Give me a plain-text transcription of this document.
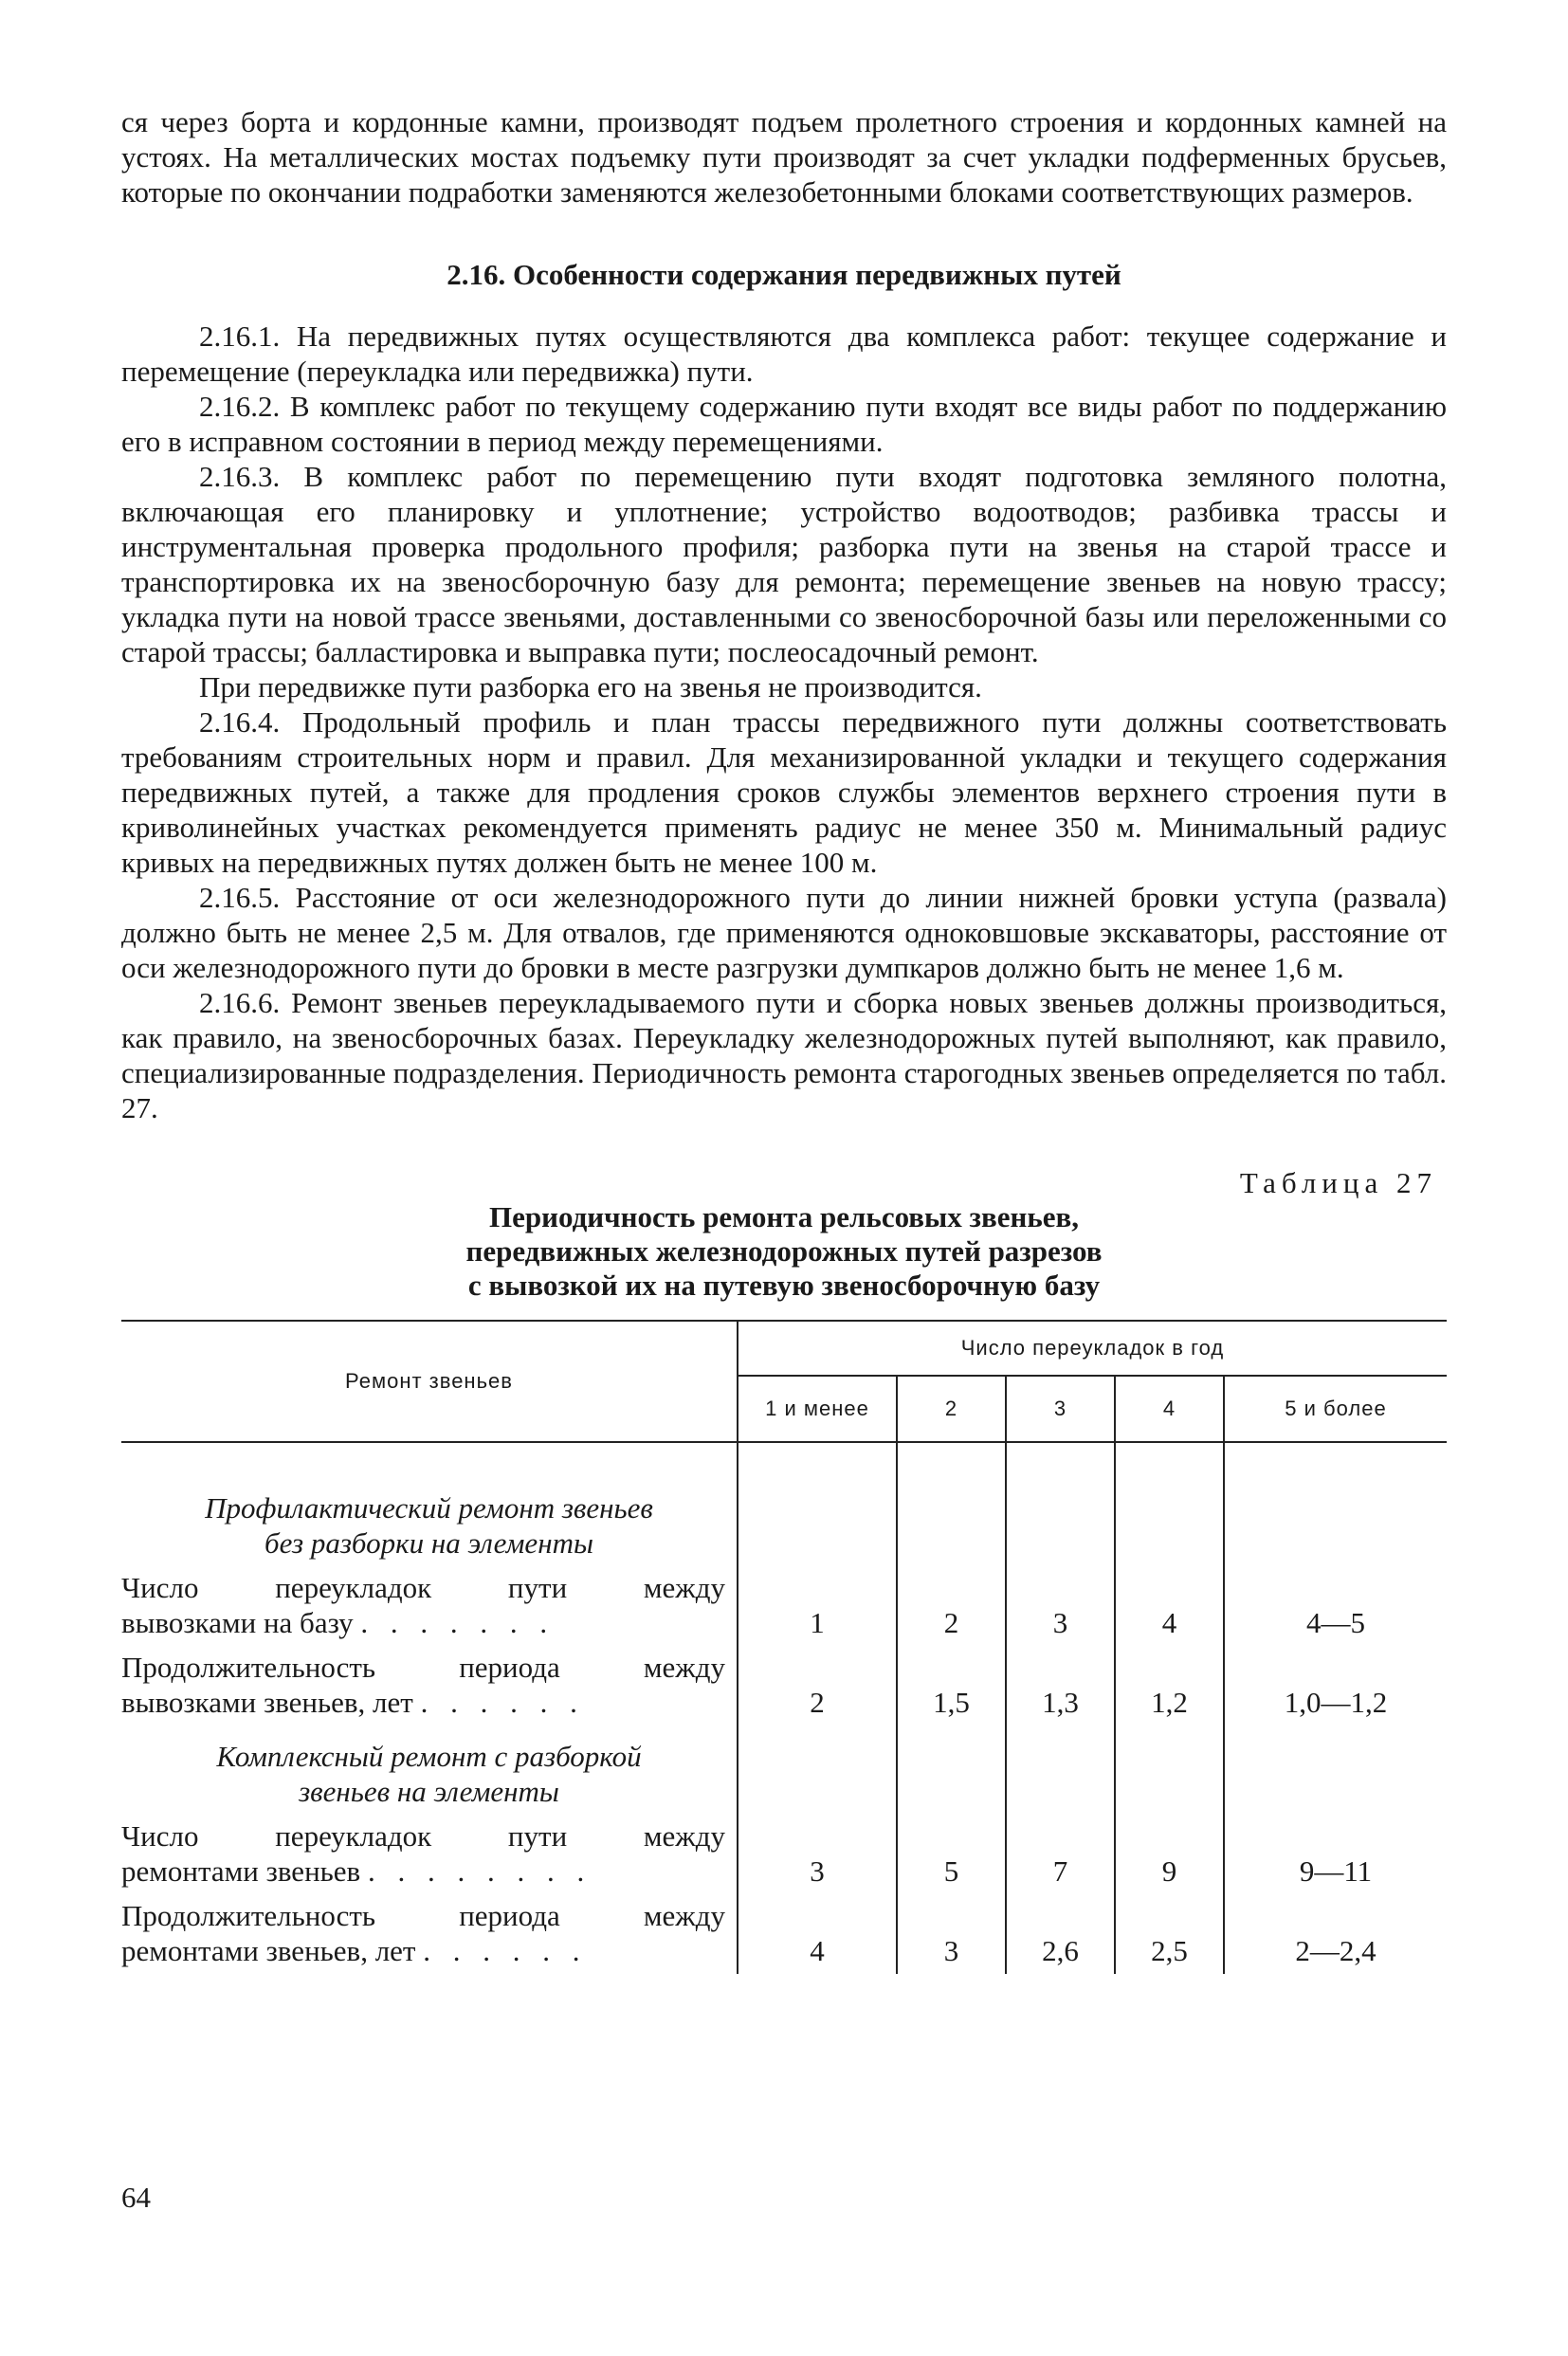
ся через борта и кордонные камни, производят подъем пролетного строения и кордонных камней на устоях. На металлических мостах подъемку пути производят за счет укладки подферменных брусьев, которые по окончании подработки заменяются железобетонными блоками соответствующих размеров.

2.16. Особенности содержания передвижных путей

2.16.1. На передвижных путях осуществляются два комплекса работ: текущее содержание и перемещение (переукладка или передвижка) пути.

2.16.2. В комплекс работ по текущему содержанию пути входят все виды работ по поддержанию его в исправном состоянии в период между перемещениями.

2.16.3. В комплекс работ по перемещению пути входят подготовка земляного полотна, включающая его планировку и уплотнение; устройство водоотводов; разбивка трассы и инструментальная проверка продольного профиля; разборка пути на звенья на старой трассе и транспортировка их на звеносборочную базу для ремонта; перемещение звеньев на новую трассу; укладка пути на новой трассе звеньями, доставленными со звеносборочной базы или переложенными со старой трассы; балластировка и выправка пути; послеосадочный ремонт.

При передвижке пути разборка его на звенья не производится.

2.16.4. Продольный профиль и план трассы передвижного пути должны соответствовать требованиям строительных норм и правил. Для механизированной укладки и текущего содержания передвижных путей, а также для продления сроков службы элементов верхнего строения пути в криволинейных участках рекомендуется применять радиус не менее 350 м. Минимальный радиус кривых на передвижных путях должен быть не менее 100 м.

2.16.5. Расстояние от оси железнодорожного пути до линии нижней бровки уступа (развала) должно быть не менее 2,5 м. Для отвалов, где применяются одноковшовые экскаваторы, расстояние от оси железнодорожного пути до бровки в месте разгрузки думпкаров должно быть не менее 1,6 м.

2.16.6. Ремонт звеньев переукладываемого пути и сборка новых звеньев должны производиться, как правило, на звеносборочных базах. Переукладку железнодорожных путей выполняют, как правило, специализированные подразделения. Периодичность ремонта старогодных звеньев определяется по табл. 27.

Таблица 27
Периодичность ремонта рельсовых звеньев,
передвижных железнодорожных путей разрезов
с вывозкой их на путевую звеносборочную базу
Ремонт звеньев	Число переукладок в год				
	1 и менее	2	3	4	5 и более

Профилактический ремонт звеньев
без разборки на элементы					

Число переукладок пути между
вывозками на базу . . . . . . .	1	2	3	4	4—5

Продолжительность периода между
вывозками звеньев, лет . . . . . .	2	1,5	1,3	1,2	1,0—1,2

Комплексный ремонт с разборкой
звеньев на элементы					

Число переукладок пути между
ремонтами звеньев . . . . . . . .	3	5	7	9	9—11

Продолжительность периода между
ремонтами звеньев, лет . . . . . .	4	3	2,6	2,5	2—2,4
64
